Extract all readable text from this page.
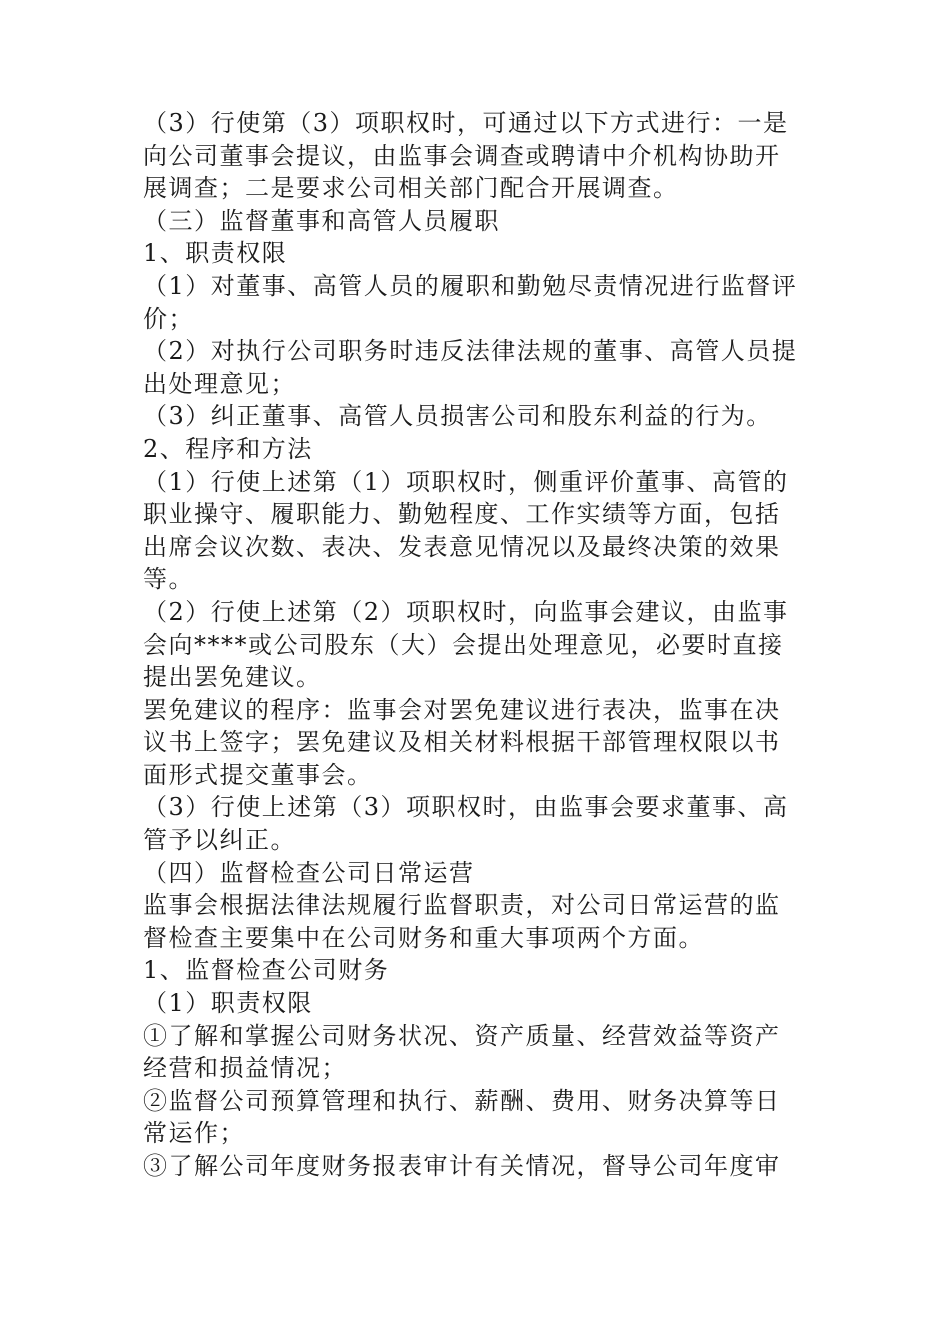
（3）行使第（3）项职权时，可通过以下方式进行：一是
向公司董事会提议，由监事会调查或聘请中介机构协助开
展调查；二是要求公司相关部门配合开展调查。
（三）监督董事和高管人员履职
1、职责权限
（1）对董事、高管人员的履职和勤勉尽责情况进行监督评
价；
（2）对执行公司职务时违反法律法规的董事、高管人员提
出处理意见；
（3）纠正董事、高管人员损害公司和股东利益的行为。
2、程序和方法
（1）行使上述第（1）项职权时，侧重评价董事、高管的
职业操守、履职能力、勤勉程度、工作实绩等方面，包括
出席会议次数、表决、发表意见情况以及最终决策的效果
等。
（2）行使上述第（2）项职权时，向监事会建议，由监事
会向****或公司股东（大）会提出处理意见，必要时直接
提出罢免建议。
罢免建议的程序：监事会对罢免建议进行表决，监事在决
议书上签字；罢免建议及相关材料根据干部管理权限以书
面形式提交董事会。
（3）行使上述第（3）项职权时，由监事会要求董事、高
管予以纠正。
（四）监督检查公司日常运营
监事会根据法律法规履行监督职责，对公司日常运营的监
督检查主要集中在公司财务和重大事项两个方面。
1、监督检查公司财务
（1）职责权限
①了解和掌握公司财务状况、资产质量、经营效益等资产
经营和损益情况；
②监督公司预算管理和执行、薪酬、费用、财务决算等日
常运作；
③了解公司年度财务报表审计有关情况，督导公司年度审
